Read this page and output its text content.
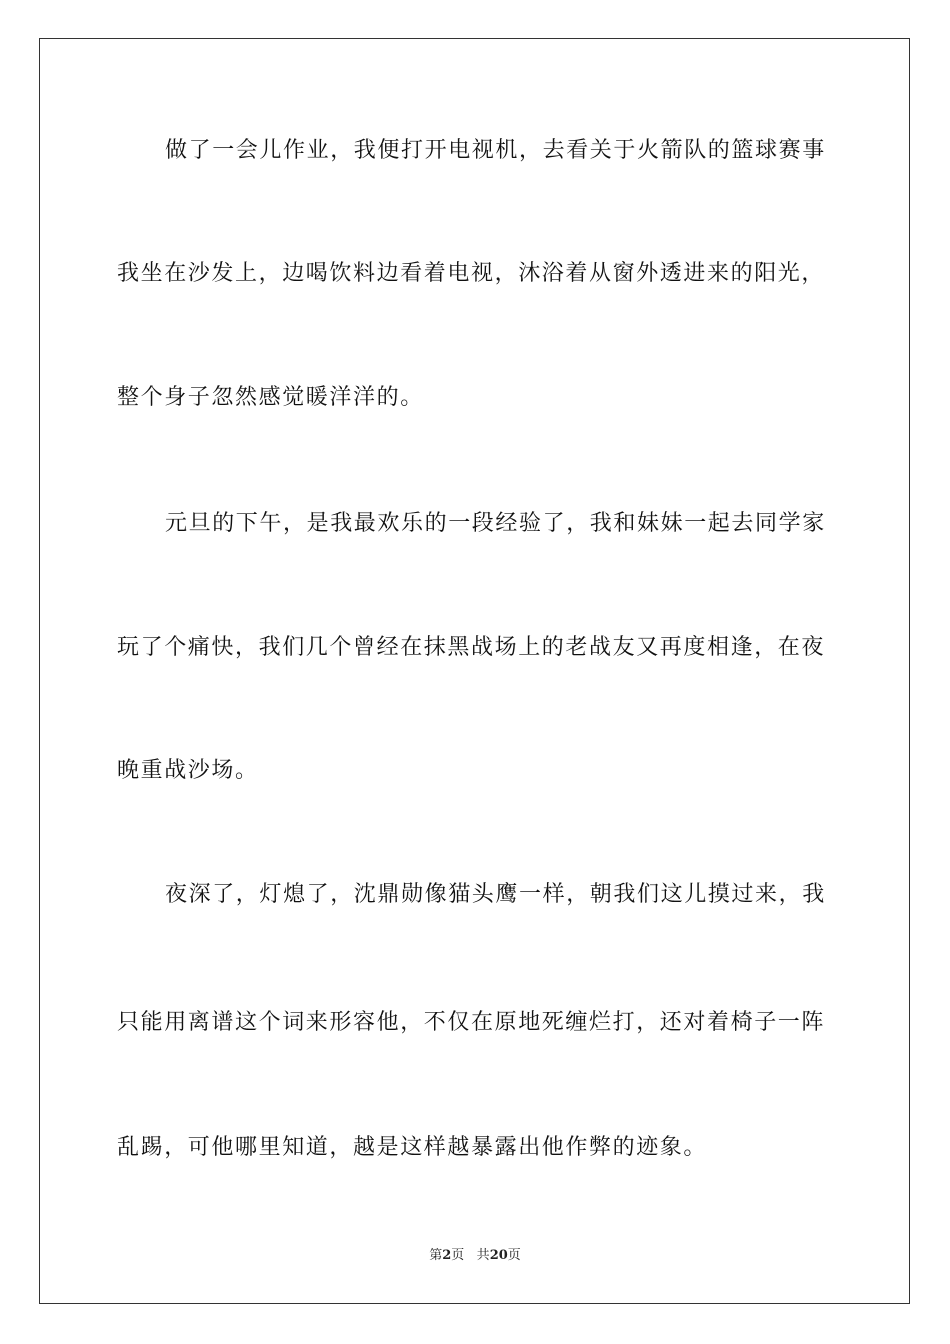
做了一会儿作业，我便打开电视机，去看关于火箭队的篮球赛事
我坐在沙发上，边喝饮料边看着电视，沐浴着从窗外透进来的阳光，
整个身子忽然感觉暖洋洋的。
元旦的下午，是我最欢乐的一段经验了，我和妹妹一起去同学家
玩了个痛快，我们几个曾经在抹黑战场上的老战友又再度相逢，在夜
晚重战沙场。
夜深了，灯熄了，沈鼎勋像猫头鹰一样，朝我们这儿摸过来，我
只能用离谱这个词来形容他，不仅在原地死缠烂打，还对着椅子一阵
乱踢，可他哪里知道，越是这样越暴露出他作弊的迹象。
第2页 共20页
